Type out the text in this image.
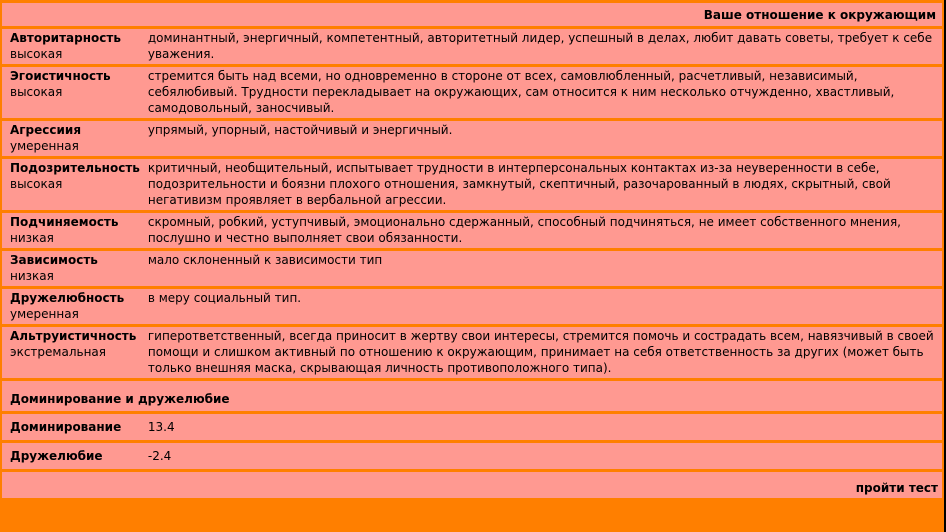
Ваше отношение к окружающим	

Авторитарность
высокая	доминантный, энергичный, компетентный, авторитетный лидер, успешный в делах, любит давать советы, требует к себе уважения.

Эгоистичность
высокая	стремится быть над всеми, но одновременно в стороне от всех, самовлюбленный, расчетливый, независимый, себялюбивый. Трудности перекладывает на окружающих, сам относится к ним несколько отчужденно, хвастливый, самодовольный, заносчивый.

Агрессиия
умеренная	упрямый, упорный, настойчивый и энергичный.

Подозрительность
высокая	критичный, необщительный, испытывает трудности в интерперсональных контактах из-за неуверенности в себе, подозрительности и боязни плохого отношения, замкнутый, скептичный, разочарованный в людях, скрытный, свой негативизм проявляет в вербальной агрессии.

Подчиняемость
низкая	скромный, робкий, уступчивый, эмоционально сдержанный, способный подчиняться, не имеет собственного мнения, послушно и честно выполняет свои обязанности.

Зависимость
низкая	мало склоненный к зависимости тип

Дружелюбность
умеренная	в меру социальный тип.

Альтруистичность
экстремальная	гиперответственный, всегда приносит в жертву свои интересы, стремится помочь и сострадать всем, навязчивый в своей помощи и слишком активный по отношению к окружающим, принимает на себя ответственность за других (может быть только внешняя маска, скрывающая личность противоположного типа).
Доминирование и дружелюбие	
Доминирование	13.4
Дружелюбие	-2.4
пройти тест	
